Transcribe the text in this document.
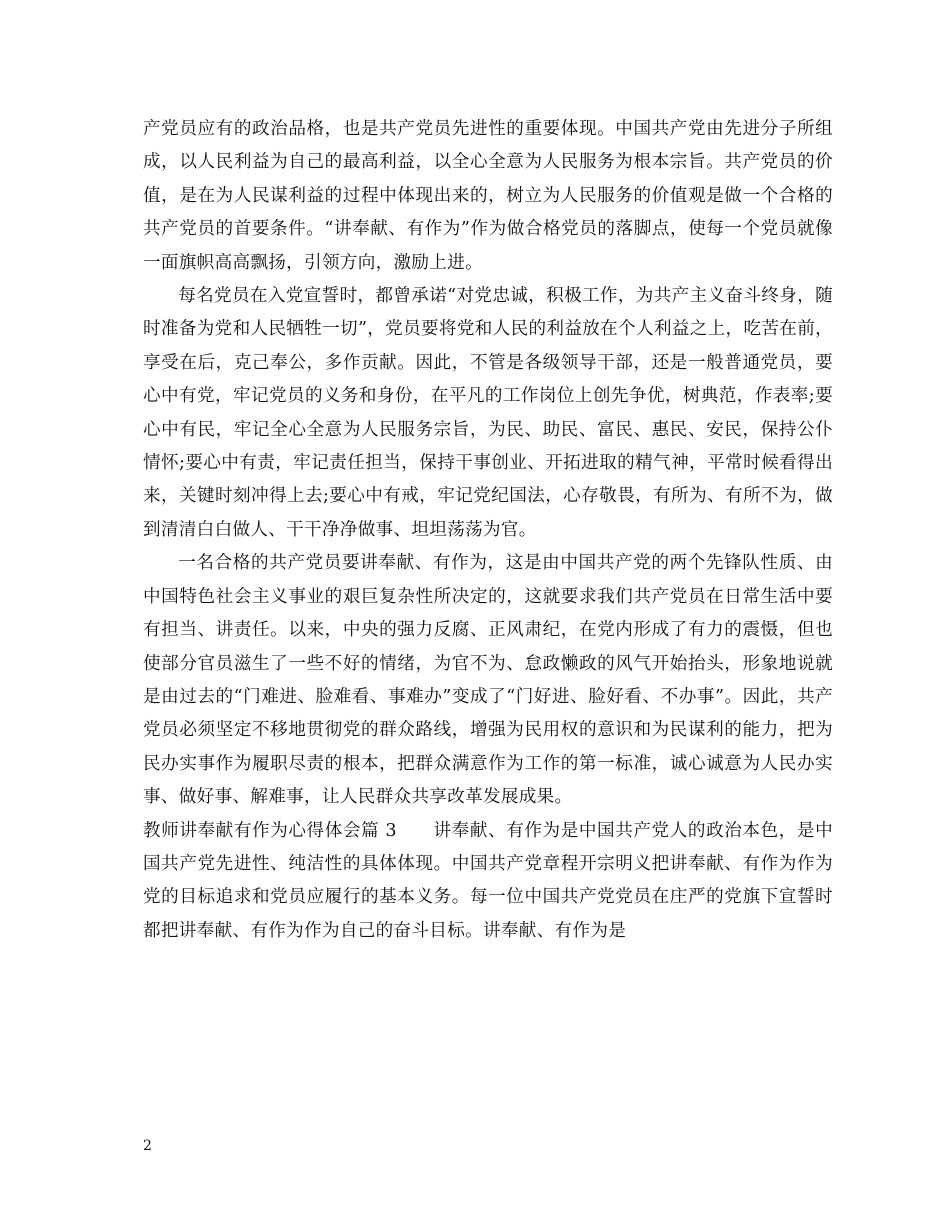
产党员应有的政治品格，也是共产党员先进性的重要体现。中国共产党由先进分子所组成，以人民利益为自己的最高利益，以全心全意为人民服务为根本宗旨。共产党员的价值，是在为人民谋利益的过程中体现出来的，树立为人民服务的价值观是做一个合格的共产党员的首要条件。“讲奉献、有作为”作为做合格党员的落脚点，使每一个党员就像一面旗帜高高飘扬，引领方向，激励上进。

每名党员在入党宣誓时，都曾承诺“对党忠诚，积极工作，为共产主义奋斗终身，随时准备为党和人民牺牲一切”，党员要将党和人民的利益放在个人利益之上，吃苦在前，享受在后，克己奉公，多作贡献。因此，不管是各级领导干部，还是一般普通党员，要心中有党，牢记党员的义务和身份，在平凡的工作岗位上创先争优，树典范，作表率;要心中有民，牢记全心全意为人民服务宗旨，为民、助民、富民、惠民、安民，保持公仆情怀;要心中有责，牢记责任担当，保持干事创业、开拓进取的精气神，平常时候看得出来，关键时刻冲得上去;要心中有戒，牢记党纪国法，心存敬畏，有所为、有所不为，做到清清白白做人、干干净净做事、坦坦荡荡为官。

一名合格的共产党员要讲奉献、有作为，这是由中国共产党的两个先锋队性质、由中国特色社会主义事业的艰巨复杂性所决定的，这就要求我们共产党员在日常生活中要有担当、讲责任。以来，中央的强力反腐、正风肃纪，在党内形成了有力的震慑，但也使部分官员滋生了一些不好的情绪，为官不为、怠政懒政的风气开始抬头，形象地说就是由过去的“门难进、脸难看、事难办”变成了“门好进、脸好看、不办事”。因此，共产党员必须坚定不移地贯彻党的群众路线，增强为民用权的意识和为民谋利的能力，把为民办实事作为履职尽责的根本，把群众满意作为工作的第一标准，诚心诚意为人民办实事、做好事、解难事，让人民群众共享改革发展成果。

教师讲奉献有作为心得体会篇 3　　讲奉献、有作为是中国共产党人的政治本色，是中国共产党先进性、纯洁性的具体体现。中国共产党章程开宗明义把讲奉献、有作为作为党的目标追求和党员应履行的基本义务。每一位中国共产党党员在庄严的党旗下宣誓时都把讲奉献、有作为作为自己的奋斗目标。讲奉献、有作为是

2
